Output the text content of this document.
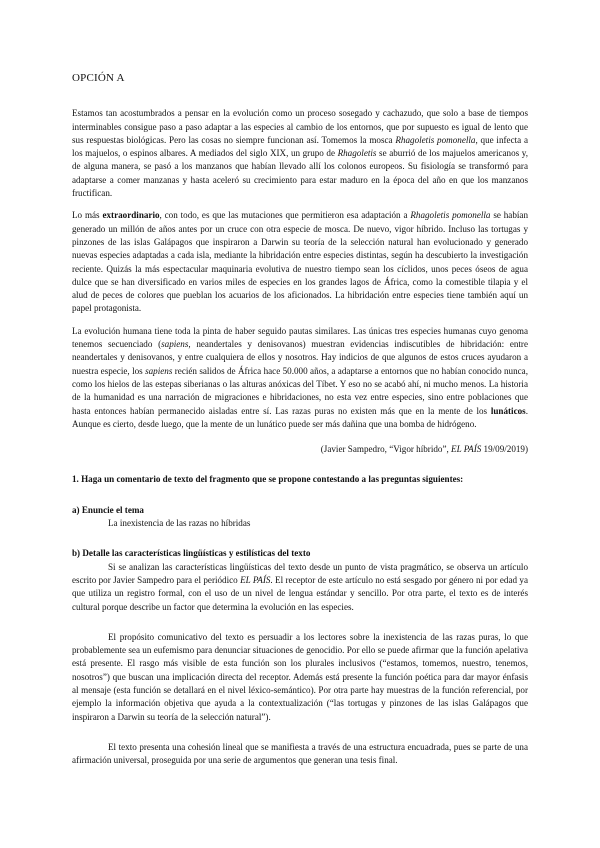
OPCIÓN A

Estamos tan acostumbrados a pensar en la evolución como un proceso sosegado y cachazudo, que solo a base de tiempos interminables consigue paso a paso adaptar a las especies al cambio de los entornos, que por supuesto es igual de lento que sus respuestas biológicas. Pero las cosas no siempre funcionan así. Tomemos la mosca Rhagoletis pomonella, que infecta a los majuelos, o espinos albares. A mediados del siglo XIX, un grupo de Rhagoletis se aburrió de los majuelos americanos y, de alguna manera, se pasó a los manzanos que habían llevado allí los colonos europeos. Su fisiología se transformó para adaptarse a comer manzanas y hasta aceleró su crecimiento para estar maduro en la época del año en que los manzanos fructifican.

Lo más extraordinario, con todo, es que las mutaciones que permitieron esa adaptación a Rhagoletis pomonella se habían generado un millón de años antes por un cruce con otra especie de mosca. De nuevo, vigor híbrido. Incluso las tortugas y pinzones de las islas Galápagos que inspiraron a Darwin su teoría de la selección natural han evolucionado y generado nuevas especies adaptadas a cada isla, mediante la hibridación entre especies distintas, según ha descubierto la investigación reciente. Quizás la más espectacular maquinaria evolutiva de nuestro tiempo sean los cíclidos, unos peces óseos de agua dulce que se han diversificado en varios miles de especies en los grandes lagos de África, como la comestible tilapia y el alud de peces de colores que pueblan los acuarios de los aficionados. La hibridación entre especies tiene también aquí un papel protagonista.

La evolución humana tiene toda la pinta de haber seguido pautas similares. Las únicas tres especies humanas cuyo genoma tenemos secuenciado (sapiens, neandertales y denisovanos) muestran evidencias indiscutibles de hibridación: entre neandertales y denisovanos, y entre cualquiera de ellos y nosotros. Hay indicios de que algunos de estos cruces ayudaron a nuestra especie, los sapiens recién salidos de África hace 50.000 años, a adaptarse a entornos que no habían conocido nunca, como los hielos de las estepas siberianas o las alturas anóxicas del Tíbet. Y eso no se acabó ahí, ni mucho menos. La historia de la humanidad es una narración de migraciones e hibridaciones, no esta vez entre especies, sino entre poblaciones que hasta entonces habían permanecido aisladas entre sí. Las razas puras no existen más que en la mente de los lunáticos. Aunque es cierto, desde luego, que la mente de un lunático puede ser más dañina que una bomba de hidrógeno.

(Javier Sampedro, “Vigor híbrido”, EL PAÍS 19/09/2019)

1. Haga un comentario de texto del fragmento que se propone contestando a las preguntas siguientes:

a) Enuncie el tema

La inexistencia de las razas no híbridas

b) Detalle las características lingüísticas y estilísticas del texto

Si se analizan las características lingüísticas del texto desde un punto de vista pragmático, se observa un artículo escrito por Javier Sampedro para el periódico EL PAÍS. El receptor de este artículo no está sesgado por género ni por edad ya que utiliza un registro formal, con el uso de un nivel de lengua estándar y sencillo. Por otra parte, el texto es de interés cultural porque describe un factor que determina la evolución en las especies.

El propósito comunicativo del texto es persuadir a los lectores sobre la inexistencia de las razas puras, lo que probablemente sea un eufemismo para denunciar situaciones de genocidio. Por ello se puede afirmar que la función apelativa está presente. El rasgo más visible de esta función son los plurales inclusivos (“estamos, tomemos, nuestro, tenemos, nosotros”) que buscan una implicación directa del receptor. Además está presente la función poética para dar mayor énfasis al mensaje (esta función se detallará en el nivel léxico-semántico). Por otra parte hay muestras de la función referencial, por ejemplo la información objetiva que ayuda a la contextualización (“las tortugas y pinzones de las islas Galápagos que inspiraron a Darwin su teoría de la selección natural”).

El texto presenta una cohesión lineal que se manifiesta a través de una estructura encuadrada, pues se parte de una afirmación universal, proseguida por una serie de argumentos que generan una tesis final.
